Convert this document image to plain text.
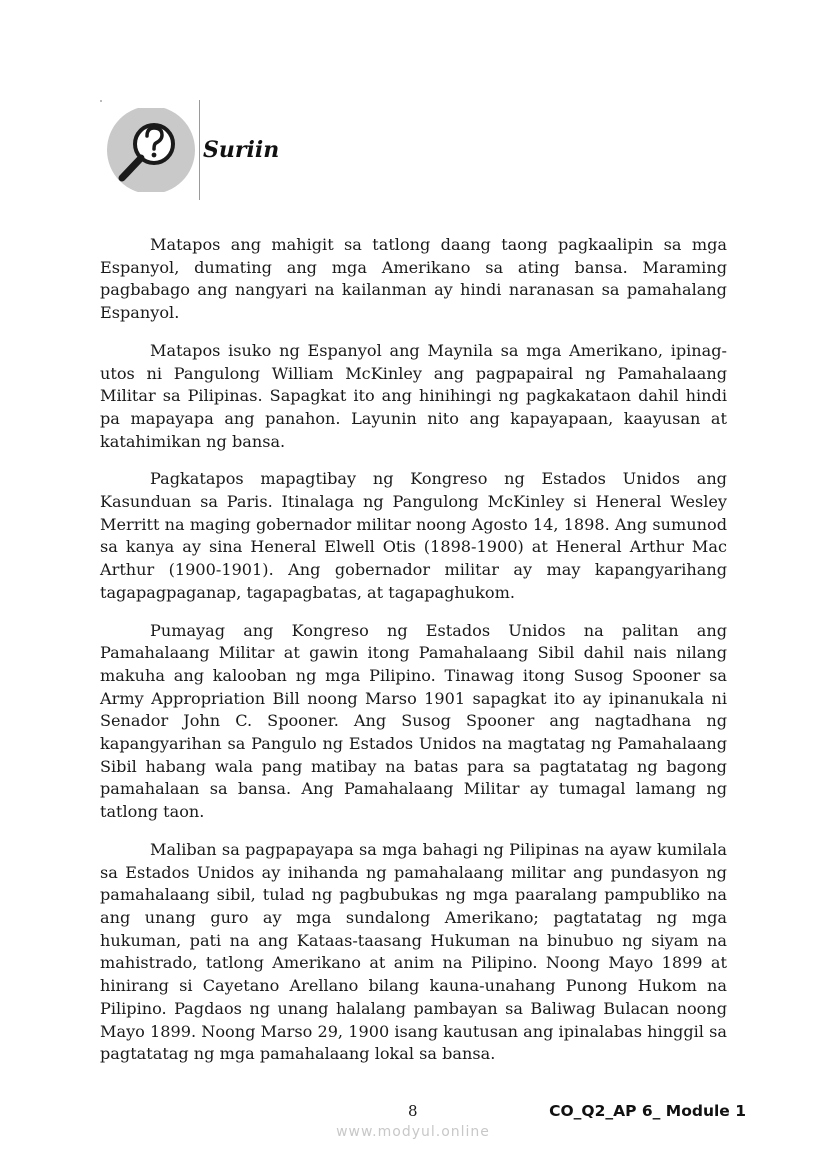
Suriin

Matapos ang mahigit sa tatlong daang taong pagkaalipin sa mga Espanyol, dumating ang mga Amerikano sa ating bansa. Maraming pagbabago ang nangyari na kailanman ay hindi naranasan sa pamahalang Espanyol.

Matapos isuko ng Espanyol ang Maynila sa mga Amerikano, ipinag-utos ni Pangulong William McKinley ang pagpapairal ng Pamahalaang Militar sa Pilipinas. Sapagkat ito ang hinihingi ng pagkakataon dahil hindi pa mapayapa ang panahon. Layunin nito ang kapayapaan, kaayusan at katahimikan ng bansa.

Pagkatapos mapagtibay ng Kongreso ng Estados Unidos ang Kasunduan sa Paris. Itinalaga ng Pangulong McKinley si Heneral Wesley Merritt na maging gobernador militar noong Agosto 14, 1898. Ang sumunod sa kanya ay sina Heneral Elwell Otis (1898-1900) at Heneral Arthur Mac Arthur (1900-1901). Ang gobernador militar ay may kapangyarihang tagapagpaganap, tagapagbatas, at tagapaghukom.

Pumayag ang Kongreso ng Estados Unidos na palitan ang Pamahalaang Militar at gawin itong Pamahalaang Sibil dahil nais nilang makuha ang kalooban ng mga Pilipino. Tinawag itong Susog Spooner sa Army Appropriation Bill noong Marso 1901 sapagkat ito ay ipinanukala ni Senador John C. Spooner. Ang Susog Spooner ang nagtadhana ng kapangyarihan sa Pangulo ng Estados Unidos na magtatag ng Pamahalaang Sibil habang wala pang matibay na batas para sa pagtatatag ng bagong pamahalaan sa bansa. Ang Pamahalaang Militar ay tumagal lamang ng tatlong taon.

Maliban sa pagpapayapa sa mga bahagi ng Pilipinas na ayaw kumilala sa Estados Unidos ay inihanda ng pamahalaang militar ang pundasyon ng pamahalaang sibil, tulad ng pagbubukas ng mga paaralang pampubliko na ang unang guro ay mga sundalong Amerikano; pagtatatag ng mga hukuman, pati na ang Kataas-taasang Hukuman na binubuo ng siyam na mahistrado, tatlong Amerikano at anim na Pilipino. Noong Mayo 1899 at hinirang si Cayetano Arellano bilang kauna-unahang Punong Hukom na Pilipino. Pagdaos ng unang halalang pambayan sa Baliwag Bulacan noong Mayo 1899. Noong Marso 29, 1900 isang kautusan ang ipinalabas hinggil sa pagtatatag ng mga pamahalaang lokal sa bansa.

8	CO_Q2_AP 6_ Module 1
www.modyul.online
